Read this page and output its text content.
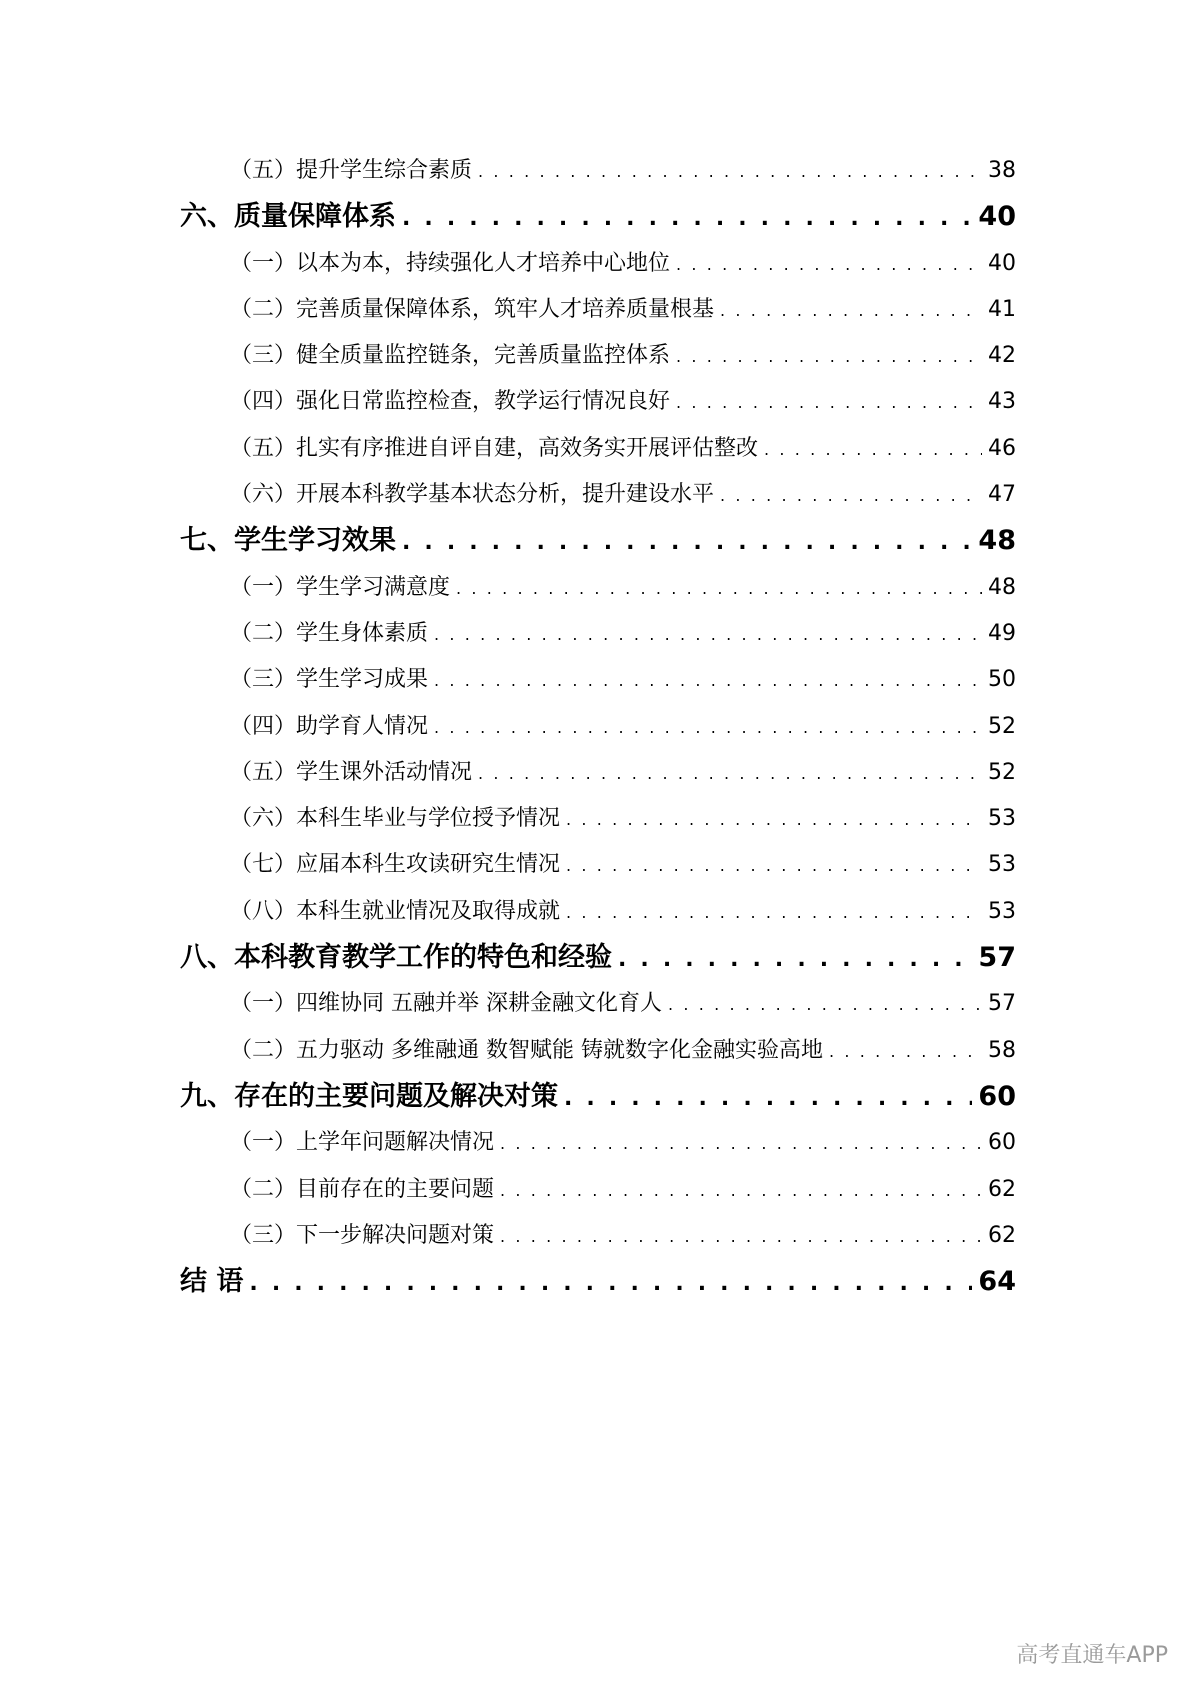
（五）提升学生综合素质 . . .	38
六、质量保障体系 . . .	40
（一）以本为本，持续强化人才培养中心地位 . . .	40
（二）完善质量保障体系，筑牢人才培养质量根基 . . .	41
（三）健全质量监控链条，完善质量监控体系 . . .	42
（四）强化日常监控检查，教学运行情况良好 . . .	43
（五）扎实有序推进自评自建，高效务实开展评估整改 . . .	46
（六）开展本科教学基本状态分析，提升建设水平 . . .	47
七、学生学习效果 . . .	48
（一）学生学习满意度 . . .	48
（二）学生身体素质 . . .	49
（三）学生学习成果 . . .	50
（四）助学育人情况 . . .	52
（五）学生课外活动情况 . . .	52
（六）本科生毕业与学位授予情况 . . .	53
（七）应届本科生攻读研究生情况 . . .	53
（八）本科生就业情况及取得成就 . . .	53
八、本科教育教学工作的特色和经验 . . .	57
（一）四维协同 五融并举 深耕金融文化育人 . . .	57
（二）五力驱动 多维融通 数智赋能 铸就数字化金融实验高地 . . .	58
九、存在的主要问题及解决对策 . . .	60
（一）上学年问题解决情况 . . .	60
（二）目前存在的主要问题 . . .	62
（三）下一步解决问题对策 . . .	62
结 语 . . .	64
高考直通车APP
